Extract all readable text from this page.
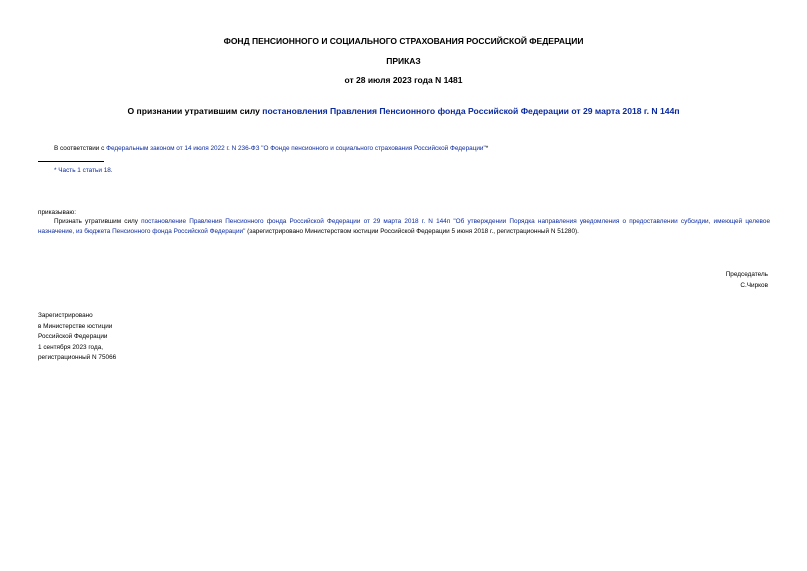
ФОНД ПЕНСИОННОГО И СОЦИАЛЬНОГО СТРАХОВАНИЯ РОССИЙСКОЙ ФЕДЕРАЦИИ
ПРИКАЗ
от 28 июля 2023 года N 1481
О признании утратившим силу постановления Правления Пенсионного фонда Российской Федерации от 29 марта 2018 г. N 144п
В соответствии с Федеральным законом от 14 июля 2022 г. N 236-ФЗ "О Фонде пенсионного и социального страхования Российской Федерации"*
* Часть 1 статьи 18.
приказываю:
Признать утратившим силу постановление Правления Пенсионного фонда Российской Федерации от 29 марта 2018 г. N 144п "Об утверждении Порядка направления уведомления о предоставлении субсидии, имеющей целевое назначение, из бюджета Пенсионного фонда Российской Федерации" (зарегистрировано Министерством юстиции Российской Федерации 5 июня 2018 г., регистрационный N 51280).
Председатель
С.Чирков
Зарегистрировано
в Министерстве юстиции
Российской Федерации
1 сентября 2023 года,
регистрационный N 75066
